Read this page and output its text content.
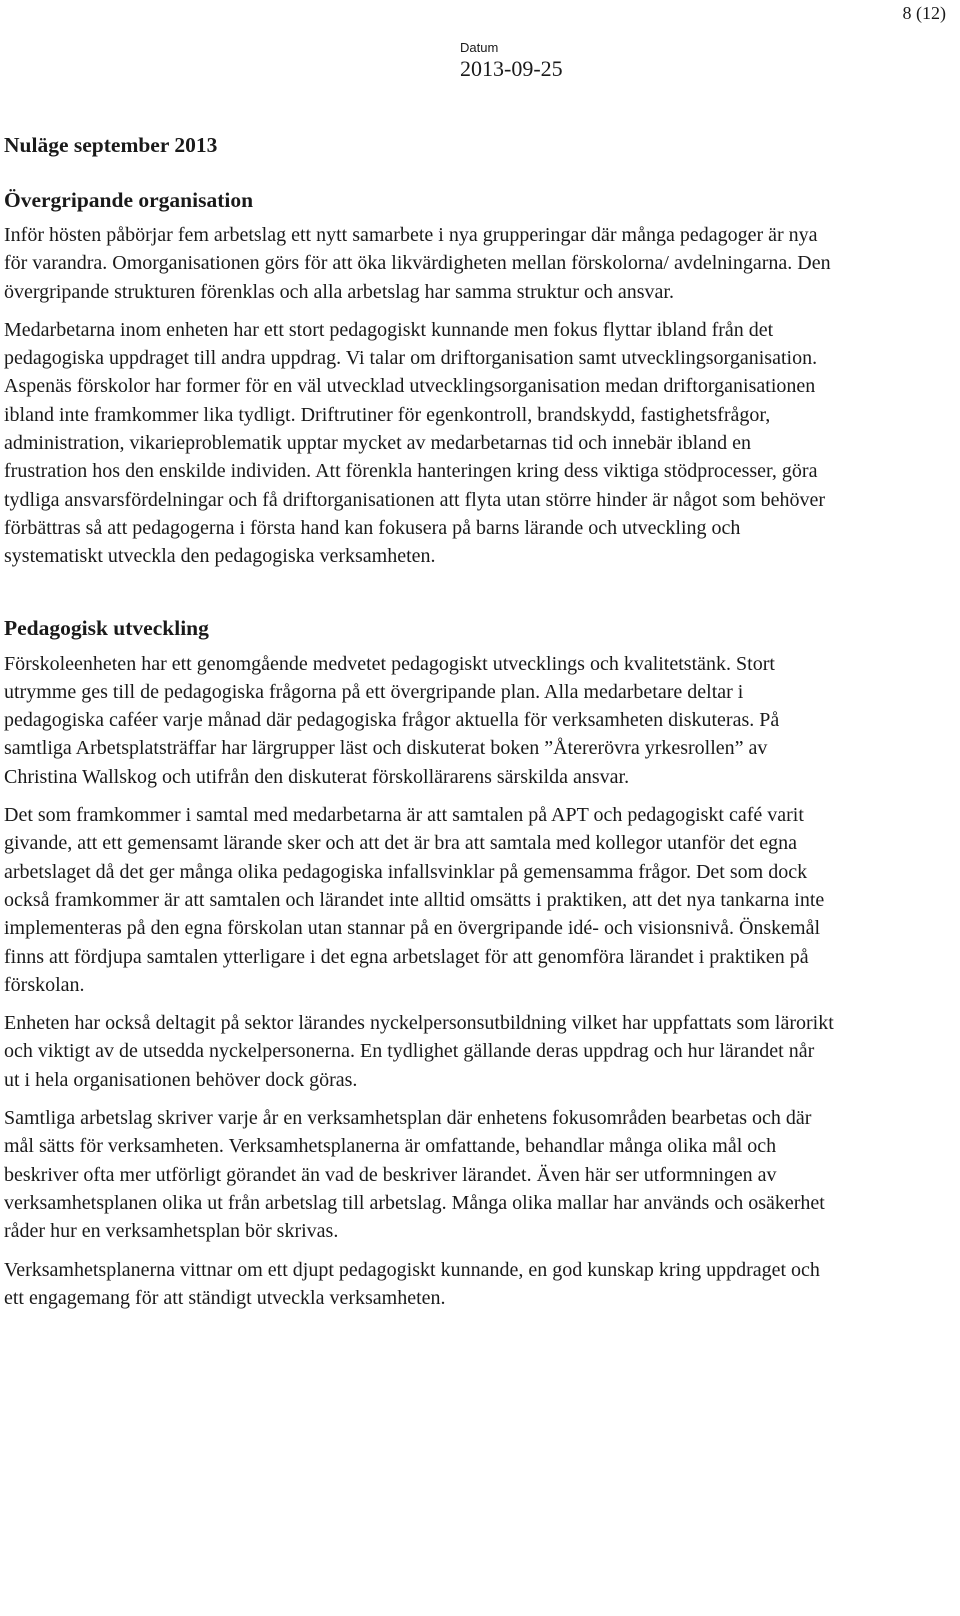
8 (12)
Datum
2013-09-25
Nuläge september 2013
Övergripande organisation

Inför hösten påbörjar fem arbetslag ett nytt samarbete i nya grupperingar där många pedagoger är nya för varandra. Omorganisationen görs för att öka likvärdigheten mellan förskolorna/ avdelningarna. Den övergripande strukturen förenklas och alla arbetslag har samma struktur och ansvar.

Medarbetarna inom enheten har ett stort pedagogiskt kunnande men fokus flyttar ibland från det pedagogiska uppdraget till andra uppdrag. Vi talar om driftorganisation samt utvecklingsorganisation. Aspenäs förskolor har former för en väl utvecklad utvecklingsorganisation medan driftorganisationen ibland inte framkommer lika tydligt. Driftrutiner för egenkontroll, brandskydd, fastighetsfrågor, administration, vikarieproblematik upptar mycket av medarbetarnas tid och innebär ibland en frustration hos den enskilde individen. Att förenkla hanteringen kring dess viktiga stödprocesser, göra tydliga ansvarsfördelningar och få driftorganisationen att flyta utan större hinder är något som behöver förbättras så att pedagogerna i första hand kan fokusera på barns lärande och utveckling och systematiskt utveckla den pedagogiska verksamheten.

Pedagogisk utveckling

Förskoleenheten har ett genomgående medvetet pedagogiskt utvecklings och kvalitetstänk. Stort utrymme ges till de pedagogiska frågorna på ett övergripande plan. Alla medarbetare deltar i pedagogiska caféer varje månad där pedagogiska frågor aktuella för verksamheten diskuteras. På samtliga Arbetsplatsträffar har lärgrupper läst och diskuterat boken ”Återerövra yrkesrollen” av Christina Wallskog och utifrån den diskuterat förskollärarens särskilda ansvar.

Det som framkommer i samtal med medarbetarna är att samtalen på APT och pedagogiskt café varit givande, att ett gemensamt lärande sker och att det är bra att samtala med kollegor utanför det egna arbetslaget då det ger många olika pedagogiska infallsvinklar på gemensamma frågor. Det som dock också framkommer är att samtalen och lärandet inte alltid omsätts i praktiken, att det nya tankarna inte implementeras på den egna förskolan utan stannar på en övergripande idé- och visionsnivå. Önskemål finns att fördjupa samtalen ytterligare i det egna arbetslaget för att genomföra lärandet i praktiken på förskolan.

Enheten har också deltagit på sektor lärandes nyckelpersonsutbildning vilket har uppfattats som lärorikt och viktigt av de utsedda nyckelpersonerna. En tydlighet gällande deras uppdrag och hur lärandet når ut i hela organisationen behöver dock göras.

Samtliga arbetslag skriver varje år en verksamhetsplan där enhetens fokusområden bearbetas och där mål sätts för verksamheten. Verksamhetsplanerna är omfattande, behandlar många olika mål och beskriver ofta mer utförligt görandet än vad de beskriver lärandet. Även här ser utformningen av verksamhetsplanen olika ut från arbetslag till arbetslag. Många olika mallar har används och osäkerhet råder hur en verksamhetsplan bör skrivas.

Verksamhetsplanerna vittnar om ett djupt pedagogiskt kunnande, en god kunskap kring uppdraget och ett engagemang för att ständigt utveckla verksamheten.
